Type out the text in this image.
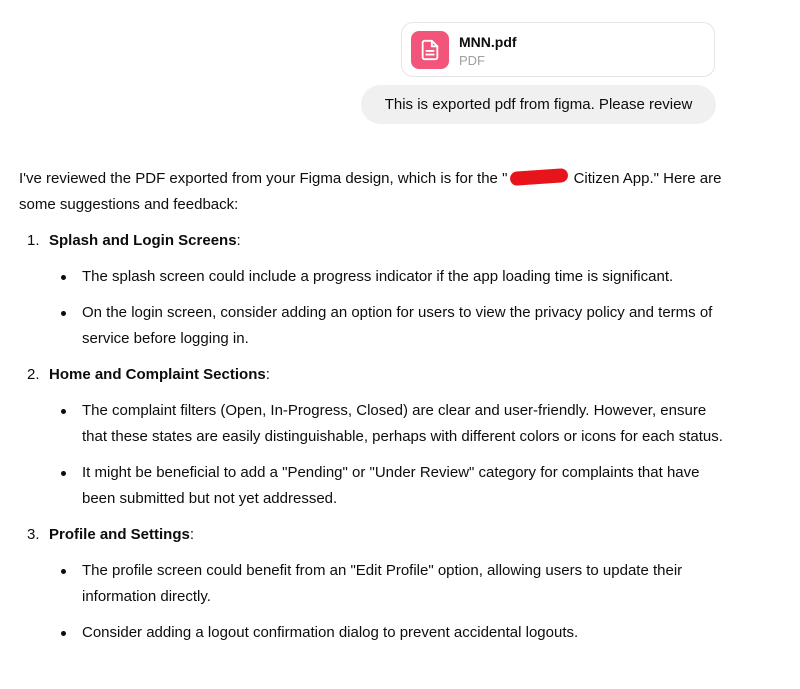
MNN.pdf
PDF
This is exported pdf from figma. Please review

I've reviewed the PDF exported from your Figma design, which is for the "	Citizen App." Here are some suggestions and feedback:

1. Splash and Login Screens:
The splash screen could include a progress indicator if the app loading time is significant.
On the login screen, consider adding an option for users to view the privacy policy and terms of service before logging in.
2. Home and Complaint Sections:
The complaint filters (Open, In-Progress, Closed) are clear and user-friendly. However, ensure that these states are easily distinguishable, perhaps with different colors or icons for each status.
It might be beneficial to add a "Pending" or "Under Review" category for complaints that have been submitted but not yet addressed.
3. Profile and Settings:
The profile screen could benefit from an "Edit Profile" option, allowing users to update their information directly.
Consider adding a logout confirmation dialog to prevent accidental logouts.
